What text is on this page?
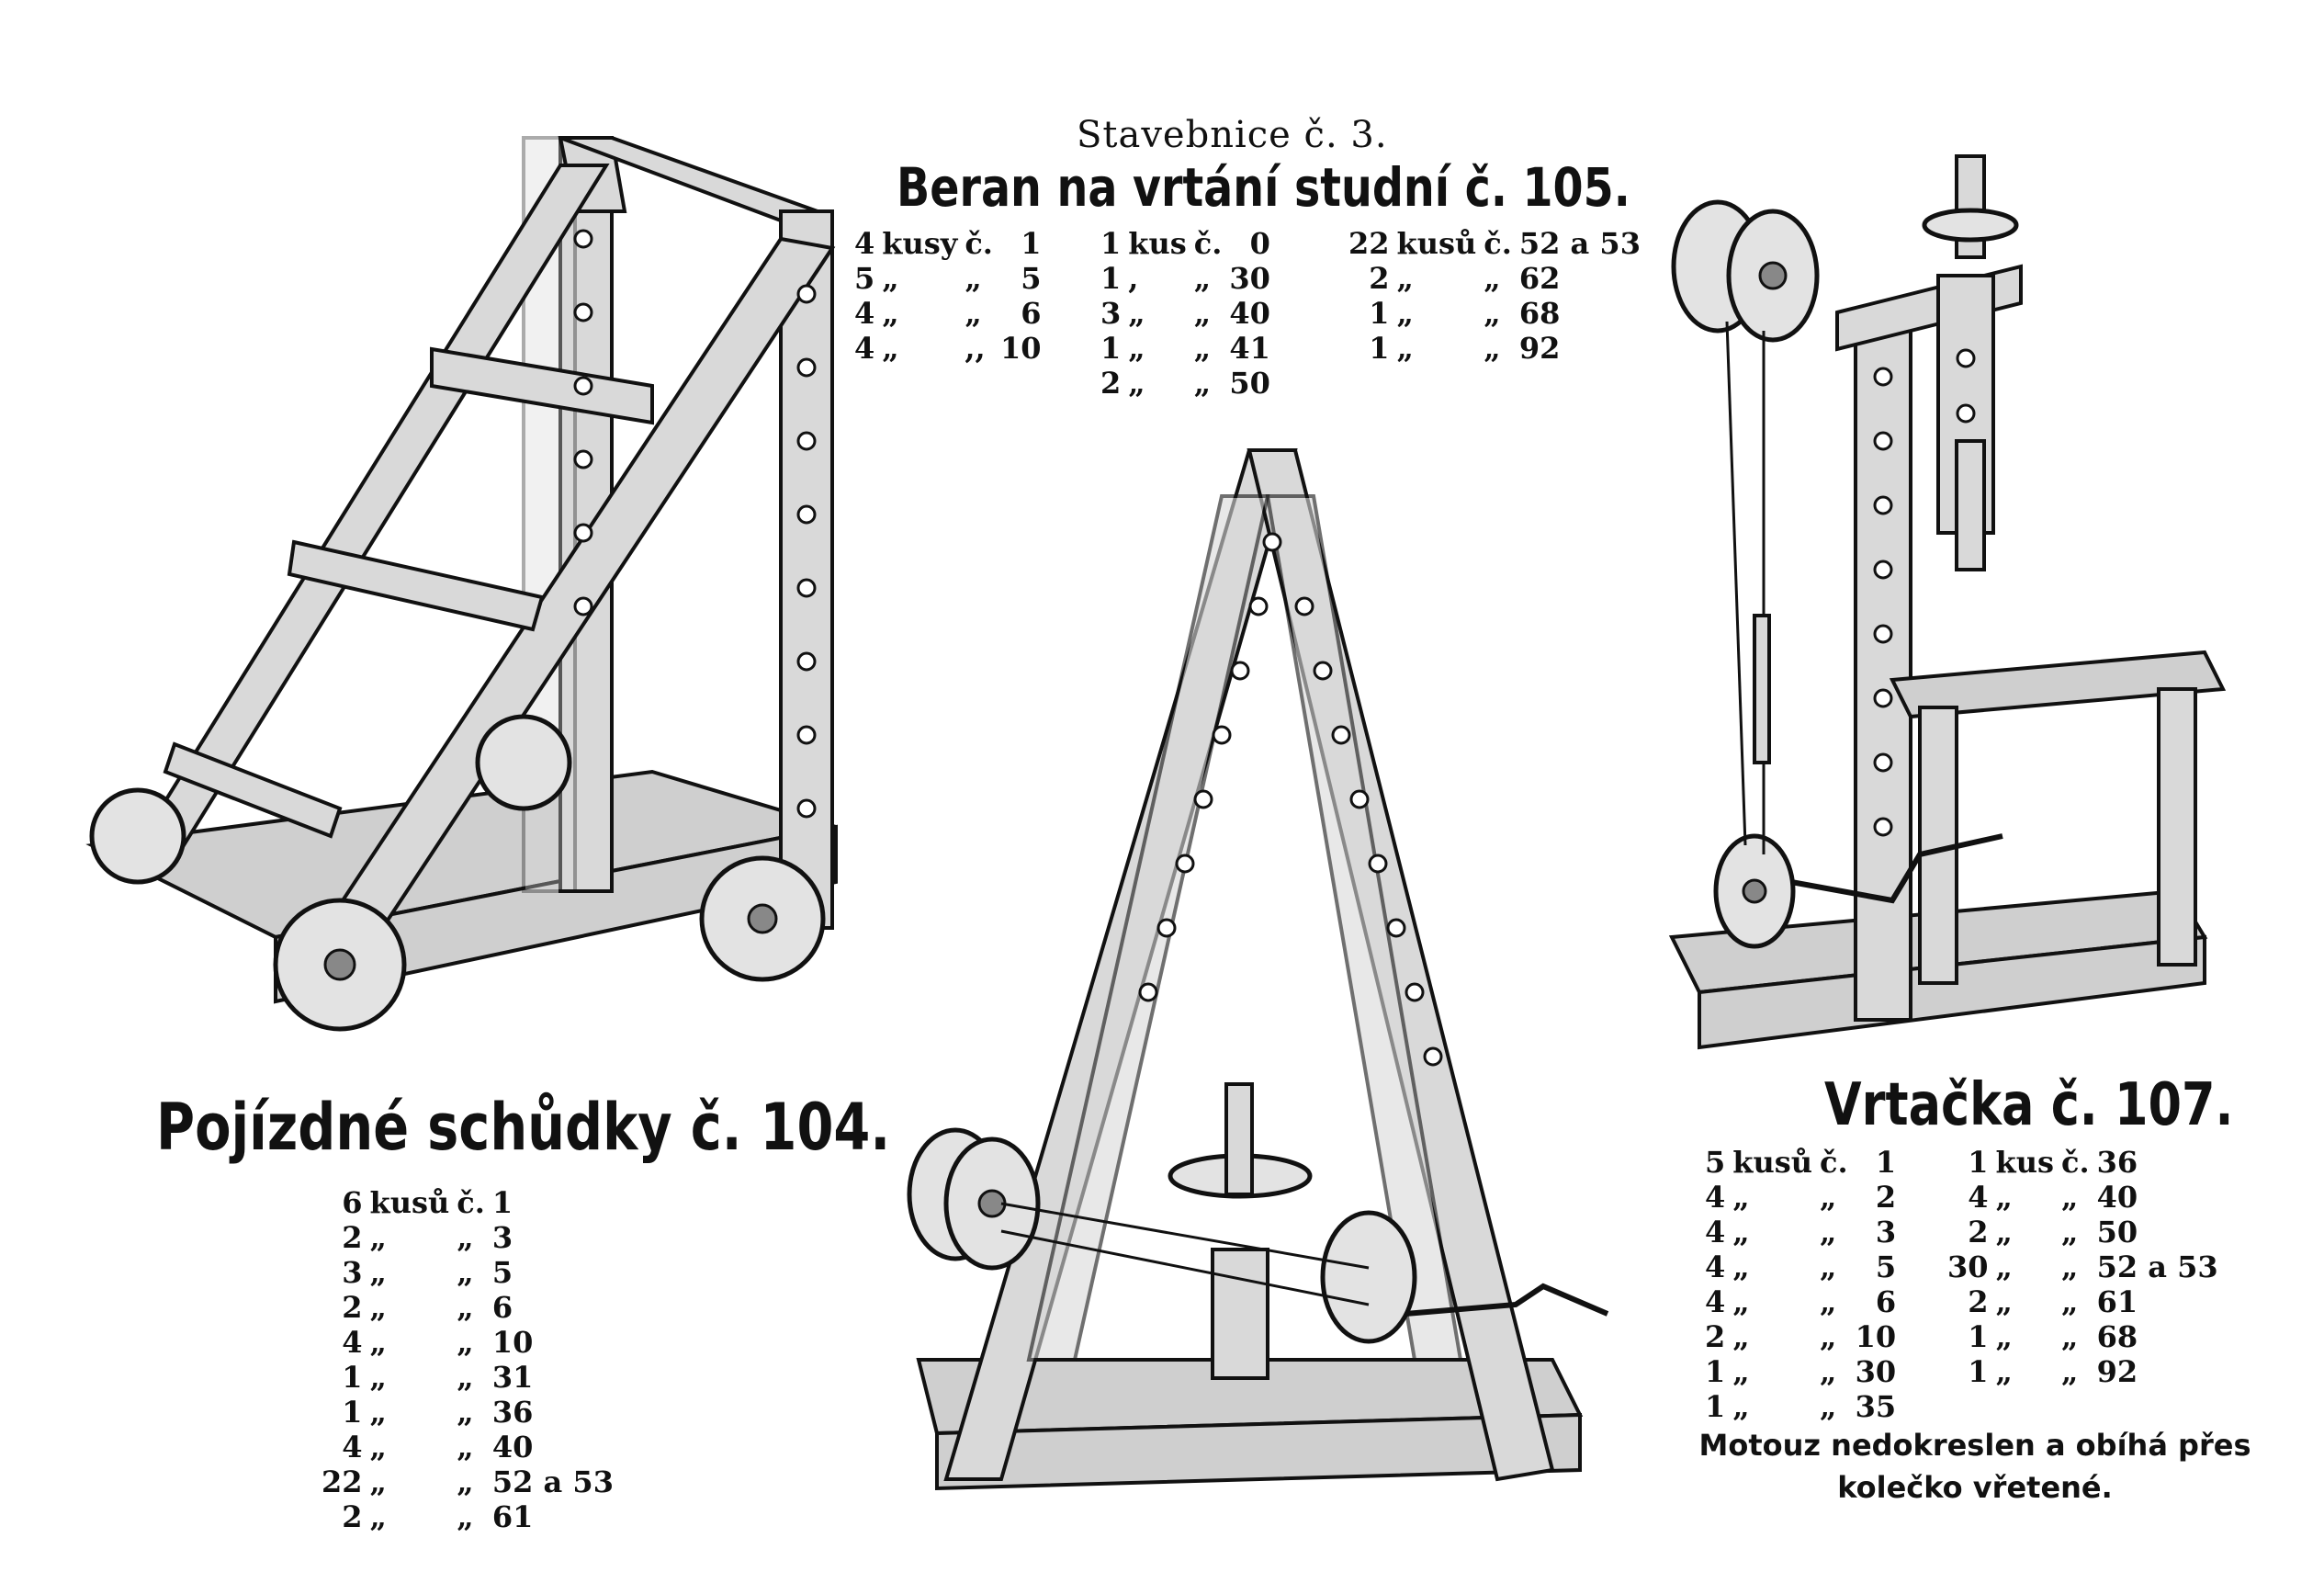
Stavebnice č. 3.
Beran na vrtání studní č. 105.
4	kusy	č.	1
5	„	„	5
4	„	„	6
4	„	,,	10
1	kus	č.	0
1	,	„	30
3	„	„	40
1	„	„	41
2	„	„	50
22	kusů	č.	52 a 53
2	„	„	62
1	„	„	68
1	„	„	92
Pojízdné schůdky č. 104.
6	kusů	č.	1
2	„	„	3
3	„	„	5
2	„	„	6
4	„	„	10
1	„	„	31
1	„	„	36
4	„	„	40
22	„	„	52 a 53
2	„	„	61
Vrtačka č. 107.
5	kusů	č.	1
4	„	„	2
4	„	„	3
4	„	„	5
4	„	„	6
2	„	„	10
1	„	„	30
1	„	„	35
1	kus	č.	36
4	„	„	40
2	„	„	50
30	„	„	52 a 53
2	„	„	61
1	„	„	68
1	„	„	92
Motouz nedokreslen a obíhá přes
kolečko vřetené.
